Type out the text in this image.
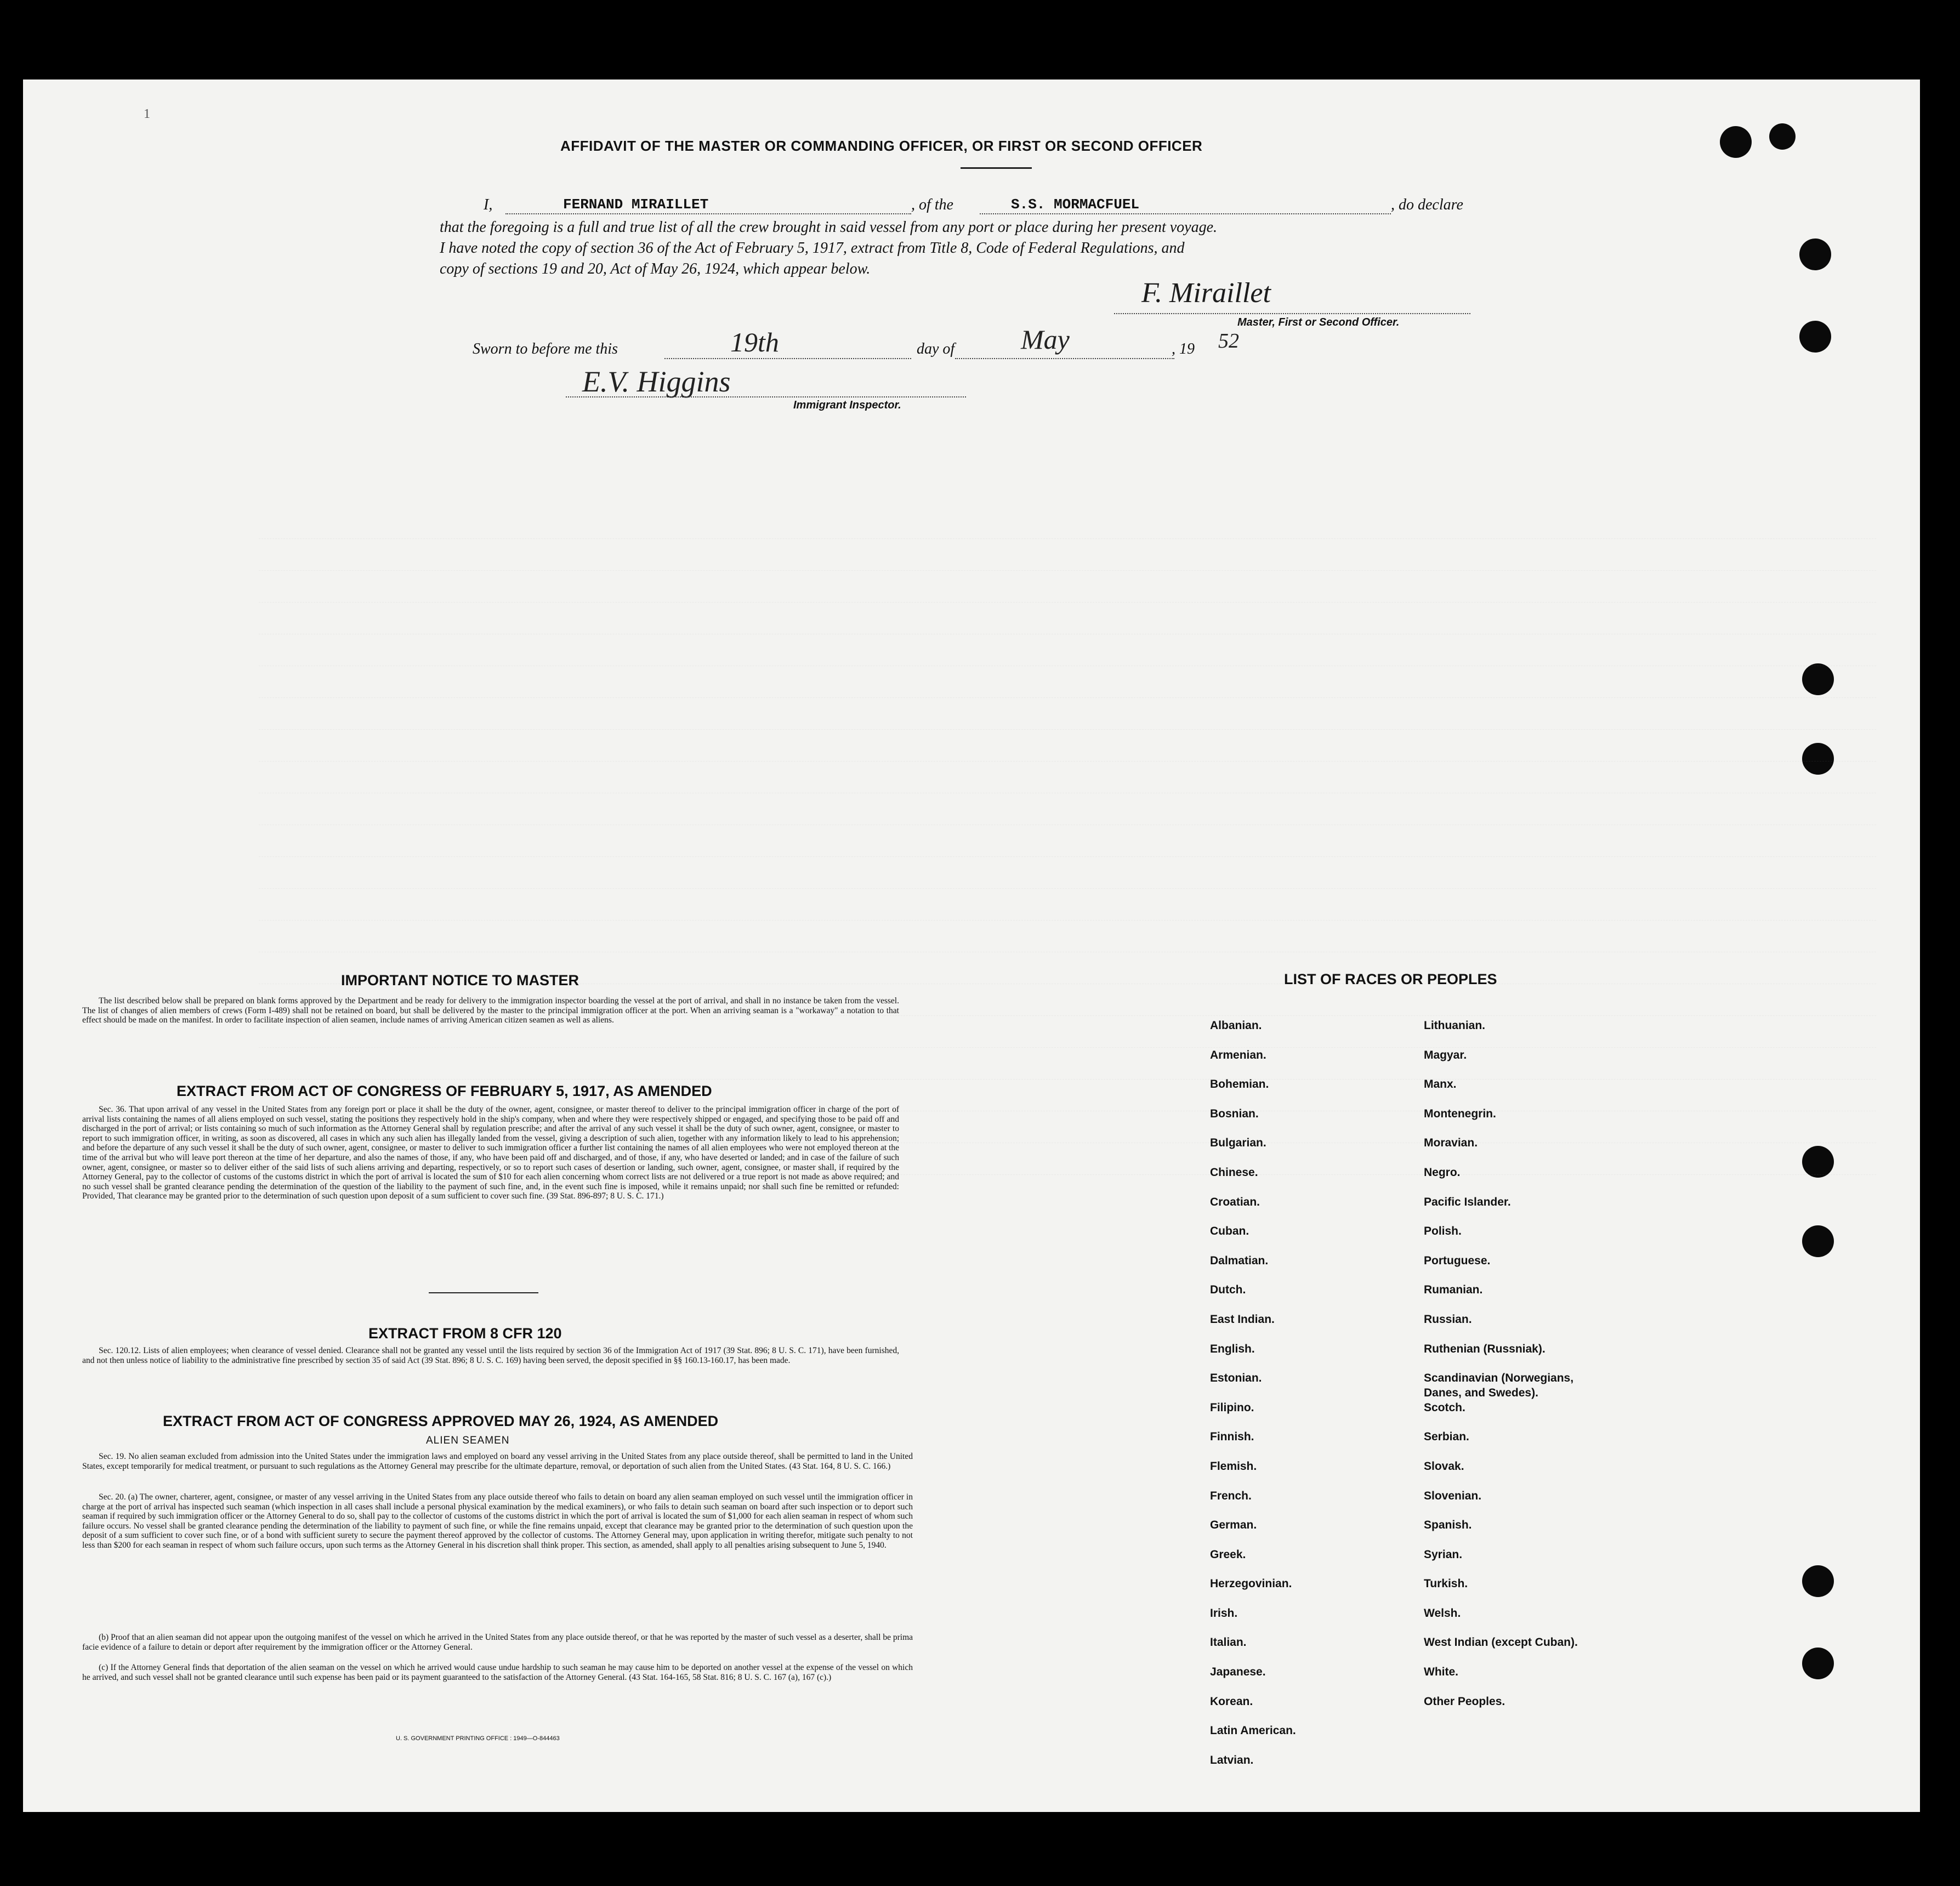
1
AFFIDAVIT OF THE MASTER OR COMMANDING OFFICER, OR FIRST OR SECOND OFFICER
I,	FERNAND MIRAILLET	, of the	S.S. MORMACFUEL	, do declare
that the foregoing is a full and true list of all the crew brought in said vessel from any port or place during her present voyage.
I have noted the copy of section 36 of the Act of February 5, 1917, extract from Title 8, Code of Federal Regulations, and
copy of sections 19 and 20, Act of May 26, 1924, which appear below.
F. Miraillet
Master, First or Second Officer.
Sworn to before me this	19th	day of May	, 19 52
E.V. Higgins
Immigrant Inspector.
IMPORTANT NOTICE TO MASTER
The list described below shall be prepared on blank forms approved by the Department and be ready for delivery to the immigration inspector boarding the vessel at the port of arrival, and shall in no instance be taken from the vessel. The list of changes of alien members of crews (Form I-489) shall not be retained on board, but shall be delivered by the master to the principal immigration officer at the port. When an arriving seaman is a "workaway" a notation to that effect should be made on the manifest. In order to facilitate inspection of alien seamen, include names of arriving American citizen seamen as well as aliens.
EXTRACT FROM ACT OF CONGRESS OF FEBRUARY 5, 1917, AS AMENDED
Sec. 36. That upon arrival of any vessel in the United States from any foreign port or place it shall be the duty of the owner, agent, consignee, or master thereof to deliver to the principal immigration officer in charge of the port of arrival lists containing the names of all aliens employed on such vessel, stating the positions they respectively hold in the ship's company, when and where they were respectively shipped or engaged, and specifying those to be paid off and discharged in the port of arrival; or lists containing so much of such information as the Attorney General shall by regulation prescribe; and after the arrival of any such vessel it shall be the duty of such owner, agent, consignee, or master to report to such immigration officer, in writing, as soon as discovered, all cases in which any such alien has illegally landed from the vessel, giving a description of such alien, together with any information likely to lead to his apprehension; and before the departure of any such vessel it shall be the duty of such owner, agent, consignee, or master to deliver to such immigration officer a further list containing the names of all alien employees who were not employed thereon at the time of the arrival but who will leave port thereon at the time of her departure, and also the names of those, if any, who have been paid off and discharged, and of those, if any, who have deserted or landed; and in case of the failure of such owner, agent, consignee, or master so to deliver either of the said lists of such aliens arriving and departing, respectively, or so to report such cases of desertion or landing, such owner, agent, consignee, or master shall, if required by the Attorney General, pay to the collector of customs of the customs district in which the port of arrival is located the sum of $10 for each alien concerning whom correct lists are not delivered or a true report is not made as above required; and no such vessel shall be granted clearance pending the determination of the question of the liability to the payment of such fine, and, in the event such fine is imposed, while it remains unpaid; nor shall such fine be remitted or refunded: Provided, That clearance may be granted prior to the determination of such question upon deposit of a sum sufficient to cover such fine. (39 Stat. 896-897; 8 U. S. C. 171.)
EXTRACT FROM 8 CFR 120
Sec. 120.12. Lists of alien employees; when clearance of vessel denied. Clearance shall not be granted any vessel until the lists required by section 36 of the Immigration Act of 1917 (39 Stat. 896; 8 U. S. C. 171), have been furnished, and not then unless notice of liability to the administrative fine prescribed by section 35 of said Act (39 Stat. 896; 8 U. S. C. 169) having been served, the deposit specified in §§ 160.13-160.17, has been made.
EXTRACT FROM ACT OF CONGRESS APPROVED MAY 26, 1924, AS AMENDED
ALIEN SEAMEN
Sec. 19. No alien seaman excluded from admission into the United States under the immigration laws and employed on board any vessel arriving in the United States from any place outside thereof, shall be permitted to land in the United States, except temporarily for medical treatment, or pursuant to such regulations as the Attorney General may prescribe for the ultimate departure, removal, or deportation of such alien from the United States. (43 Stat. 164, 8 U. S. C. 166.)
Sec. 20. (a) The owner, charterer, agent, consignee, or master of any vessel arriving in the United States from any place outside thereof who fails to detain on board any alien seaman employed on such vessel until the immigration officer in charge at the port of arrival has inspected such seaman (which inspection in all cases shall include a personal physical examination by the medical examiners), or who fails to detain such seaman on board after such inspection or to deport such seaman if required by such immigration officer or the Attorney General to do so, shall pay to the collector of customs of the customs district in which the port of arrival is located the sum of $1,000 for each alien seaman in respect of whom such failure occurs. No vessel shall be granted clearance pending the determination of the liability to payment of such fine, or while the fine remains unpaid, except that clearance may be granted prior to the determination of such question upon the deposit of a sum sufficient to cover such fine, or of a bond with sufficient surety to secure the payment thereof approved by the collector of customs. The Attorney General may, upon application in writing therefor, mitigate such penalty to not less than $200 for each seaman in respect of whom such failure occurs, upon such terms as the Attorney General in his discretion shall think proper. This section, as amended, shall apply to all penalties arising subsequent to June 5, 1940.
(b) Proof that an alien seaman did not appear upon the outgoing manifest of the vessel on which he arrived in the United States from any place outside thereof, or that he was reported by the master of such vessel as a deserter, shall be prima facie evidence of a failure to detain or deport after requirement by the immigration officer or the Attorney General.
(c) If the Attorney General finds that deportation of the alien seaman on the vessel on which he arrived would cause undue hardship to such seaman he may cause him to be deported on another vessel at the expense of the vessel on which he arrived, and such vessel shall not be granted clearance until such expense has been paid or its payment guaranteed to the satisfaction of the Attorney General. (43 Stat. 164-165, 58 Stat. 816; 8 U. S. C. 167 (a), 167 (c).)
U. S. GOVERNMENT PRINTING OFFICE : 1949—O-844463
LIST OF RACES OR PEOPLES
Albanian.
Armenian.
Bohemian.
Bosnian.
Bulgarian.
Chinese.
Croatian.
Cuban.
Dalmatian.
Dutch.
East Indian.
English.
Estonian.
Filipino.
Finnish.
Flemish.
French.
German.
Greek.
Herzegovinian.
Irish.
Italian.
Japanese.
Korean.
Latin American.
Latvian.
Lithuanian.
Magyar.
Manx.
Montenegrin.
Moravian.
Negro.
Pacific Islander.
Polish.
Portuguese.
Rumanian.
Russian.
Ruthenian (Russniak).
Scandinavian (Norwegians,
Danes, and Swedes).
Scotch.
Serbian.
Slovak.
Slovenian.
Spanish.
Syrian.
Turkish.
Welsh.
West Indian (except Cuban).
White.
Other Peoples.
